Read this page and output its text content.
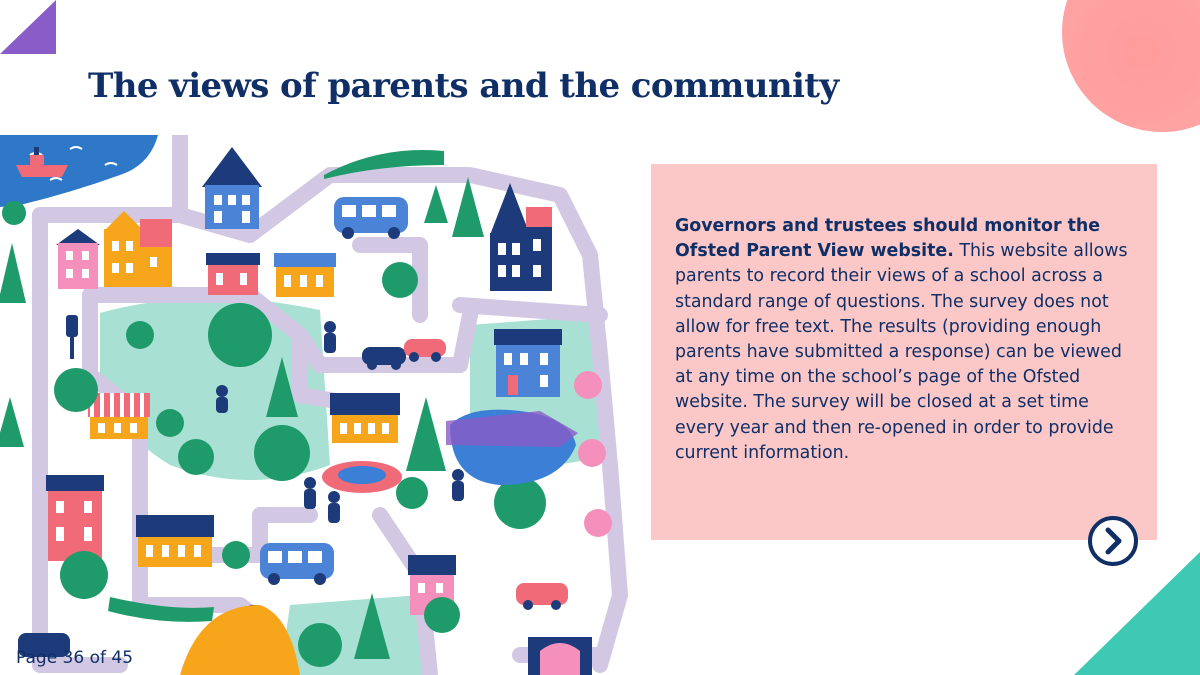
The views of parents and the community

Governors and trustees should monitor the Ofsted Parent View website. This website allows parents to record their views of a school across a standard range of questions. The survey does not allow for free text. The results (providing enough parents have submitted a response) can be viewed at any time on the school’s page of the Ofsted website. The survey will be closed at a set time every year and then re-opened in order to provide current information.

Page 36 of 45
